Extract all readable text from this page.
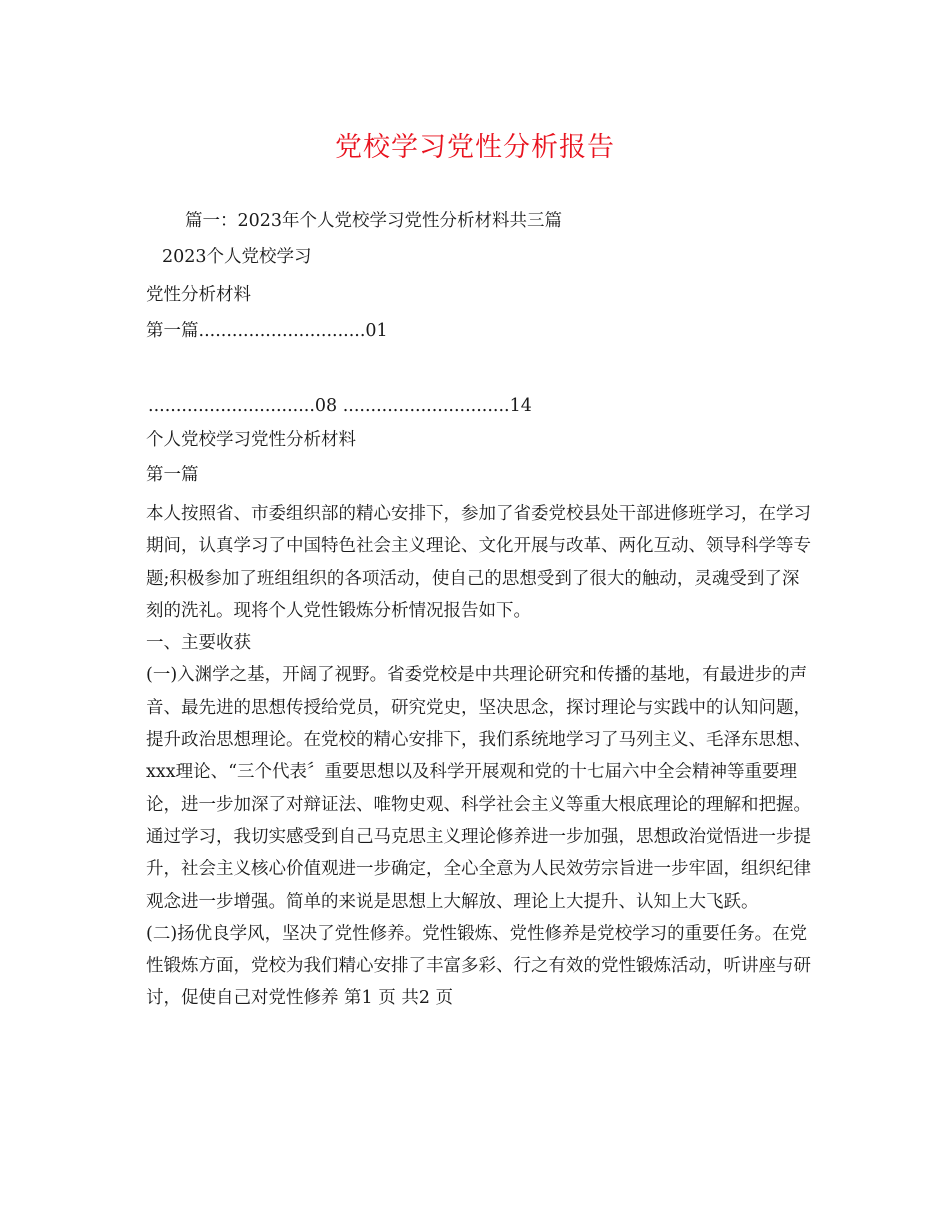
党校学习党性分析报告
篇一：2023年个人党校学习党性分析材料共三篇
2023个人党校学习
党性分析材料
第一篇..............................01
..............................08 ..............................14
个人党校学习党性分析材料
第一篇

本人按照省、市委组织部的精心安排下，参加了省委党校县处干部进修班学习，在学习期间，认真学习了中国特色社会主义理论、文化开展与改革、两化互动、领导科学等专题;积极参加了班组组织的各项活动，使自己的思想受到了很大的触动，灵魂受到了深刻的洗礼。现将个人党性锻炼分析情况报告如下。

一、主要收获

(一)入渊学之基，开阔了视野。省委党校是中共理论研究和传播的基地，有最进步的声音、最先进的思想传授给党员，研究党史，坚决思念，探讨理论与实践中的认知问题，提升政治思想理论。在党校的精心安排下，我们系统地学习了马列主义、毛泽东思想、xxx理论、“三个代表〞重要思想以及科学开展观和党的十七届六中全会精神等重要理论，进一步加深了对辩证法、唯物史观、科学社会主义等重大根底理论的理解和把握。通过学习，我切实感受到自己马克思主义理论修养进一步加强，思想政治觉悟进一步提升，社会主义核心价值观进一步确定，全心全意为人民效劳宗旨进一步牢固，组织纪律观念进一步增强。简单的来说是思想上大解放、理论上大提升、认知上大飞跃。

(二)扬优良学风，坚决了党性修养。党性锻炼、党性修养是党校学习的重要任务。在党性锻炼方面，党校为我们精心安排了丰富多彩、行之有效的党性锻炼活动，听讲座与研讨，促使自己对党性修养 第1 页 共2 页
